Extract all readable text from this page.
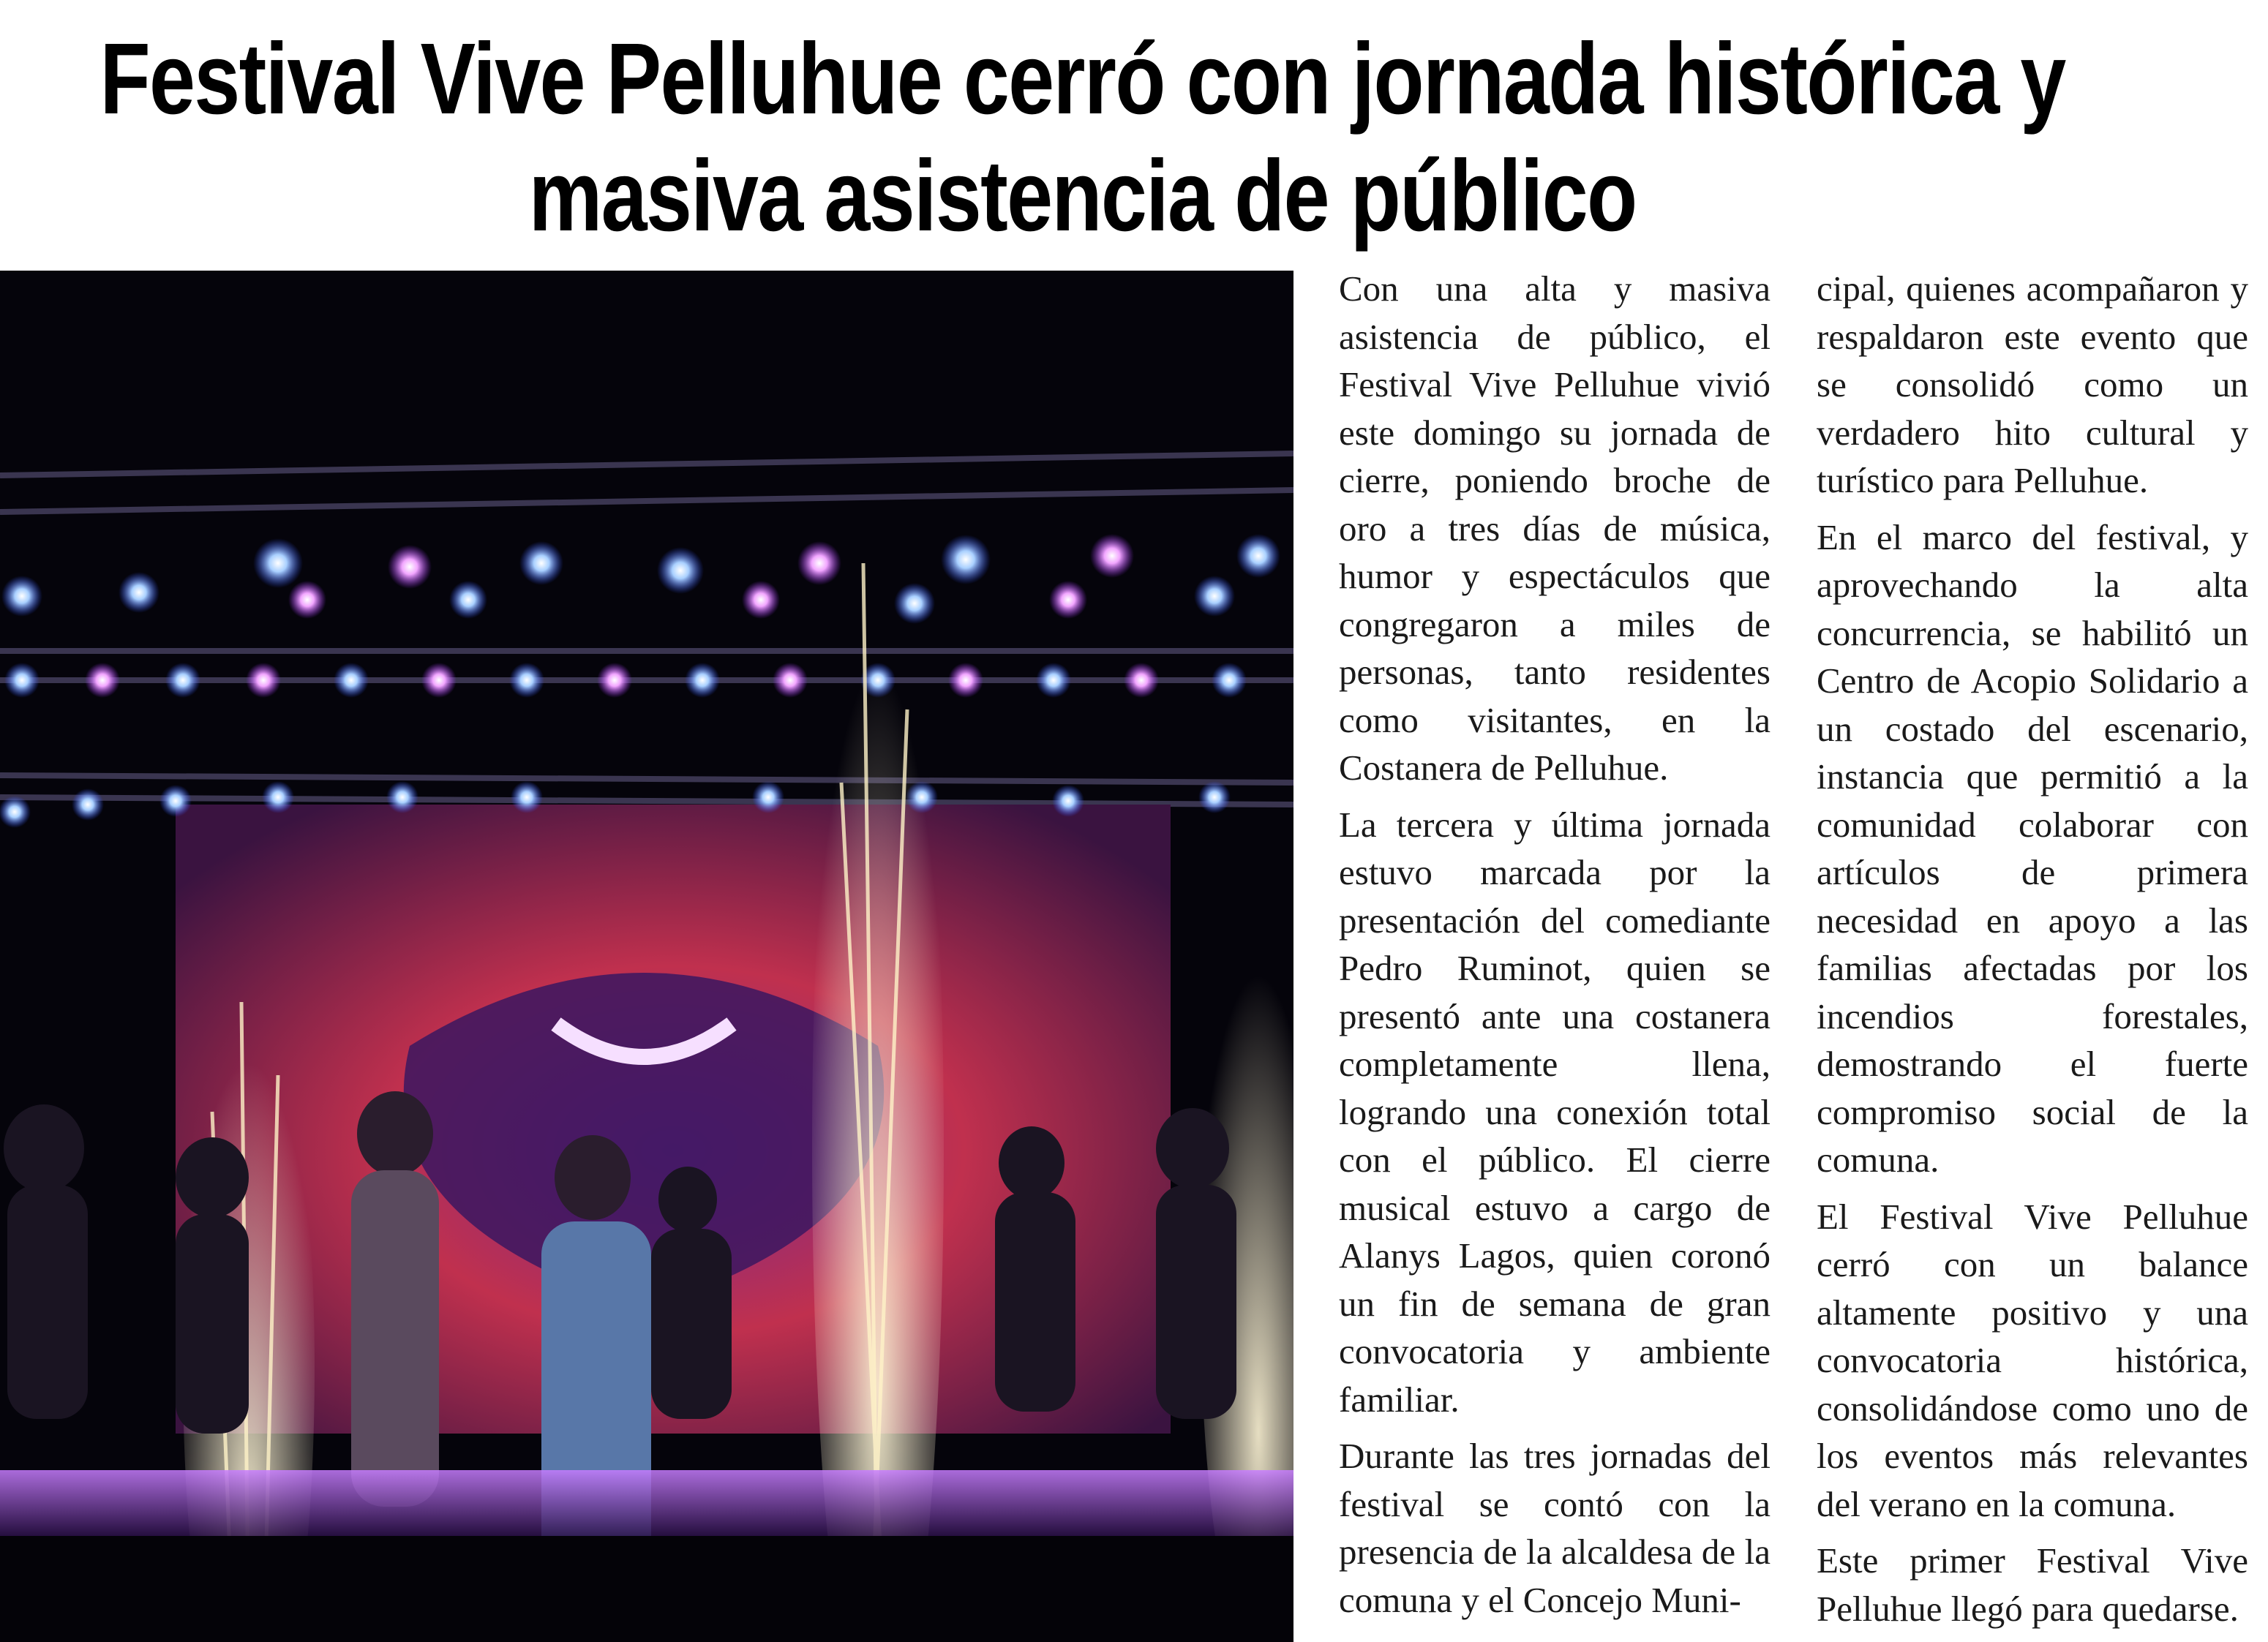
Festival Vive Pelluhue cerró con jornada histórica y masiva asistencia de público

Con una alta y masiva asistencia de público, el Festival Vive Pelluhue vivió este domingo su jornada de cierre, poniendo broche de oro a tres días de música, humor y espectáculos que congregaron a miles de personas, tanto residentes como visitantes, en la Costanera de Pelluhue.

La tercera y última jornada estuvo marcada por la presentación del comediante Pedro Ruminot, quien se presentó ante una costanera completamente llena, logrando una conexión total con el público. El cierre musical estuvo a cargo de Alanys Lagos, quien coronó un fin de semana de gran convocatoria y ambiente familiar.

Durante las tres jornadas del festival se contó con la presencia de la alcaldesa de la comuna y el Concejo Muni-

cipal, quienes acompañaron y respaldaron este evento que se consolidó como un verdadero hito cultural y turístico para Pelluhue.

En el marco del festival, y aprovechando la alta concurrencia, se habilitó un Centro de Acopio Solidario a un costado del escenario, instancia que permitió a la comunidad colaborar con artículos de primera necesidad en apoyo a las familias afectadas por los incendios forestales, demostrando el fuerte compromiso social de la comuna.

El Festival Vive Pelluhue cerró con un balance altamente positivo y una convocatoria histórica, consolidándose como uno de los eventos más relevantes del verano en la comuna.

Este primer Festival Vive Pelluhue llegó para quedarse.
